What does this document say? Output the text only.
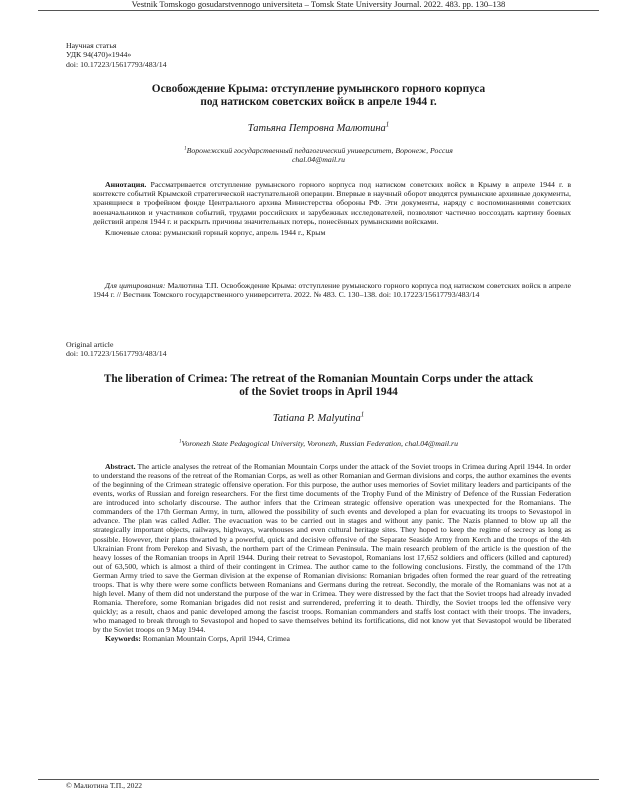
Vestnik Tomskogo gosudarstvennogo universiteta – Tomsk State University Journal. 2022. 483. pp. 130–138
Научная статья
УДК 94(470)«1944»
doi: 10.17223/15617793/483/14
Освобождение Крыма: отступление румынского горного корпуса
под натиском советских войск в апреле 1944 г.
Татьяна Петровна Малютина$^1$
$^1$Воронежский государственный педагогический университет, Воронеж, Россия
chal.04@mail.ru
Аннотация. Рассматривается отступление румынского горного корпуса под натиском советских войск в Крыму в апреле 1944 г. в контексте событий Крымской стратегической наступательной операции. Впервые в научный оборот вводятся румынские архивные документы, хранящиеся в трофейном фонде Центрального архива Министерства обороны РФ. Эти документы, наряду с воспоминаниями советских военачальников и участников событий, трудами российских и зарубежных исследователей, позволяют частично воссоздать картину боевых действий апреля 1944 г. и раскрыть причины значительных потерь, понесённых румынскими войсками.
Ключевые слова: румынский горный корпус, апрель 1944 г., Крым
Для цитирования: Малютина Т.П. Освобождение Крыма: отступление румынского горного корпуса под натиском советских войск в апреле 1944 г. // Вестник Томского государственного университета. 2022. № 483. С. 130–138. doi: 10.17223/15617793/483/14
Original article
doi: 10.17223/15617793/483/14
The liberation of Crimea: The retreat of the Romanian Mountain Corps under the attack
of the Soviet troops in April 1944
Tatiana P. Malyutina$^1$
$^1$Voronezh State Pedagogical University, Voronezh, Russian Federation, chal.04@mail.ru
Abstract. The article analyses the retreat of the Romanian Mountain Corps under the attack of the Soviet troops in Crimea during April 1944. In order to understand the reasons of the retreat of the Romanian Corps, as well as other Romanian and German divisions and corps, the author examines the events of the beginning of the Crimean strategic offensive operation. For this purpose, the author uses memories of Soviet military leaders and participants of the events, works of Russian and foreign researchers. For the first time documents of the Trophy Fund of the Ministry of Defence of the Russian Federation are introduced into scholarly discourse. The author infers that the Crimean strategic offensive operation was unexpected for the Romanians. The commanders of the 17th German Army, in turn, allowed the possibility of such events and developed a plan for evacuating its troops to Sevastopol in advance. The plan was called Adler. The evacuation was to be carried out in stages and without any panic. The Nazis planned to blow up all the strategically important objects, railways, highways, warehouses and even cultural heritage sites. They hoped to keep the regime of secrecy as long as possible. However, their plans thwarted by a powerful, quick and decisive offensive of the Separate Seaside Army from Kerch and the troops of the 4th Ukrainian Front from Perekop and Sivash, the northern part of the Crimean Peninsula. The main research problem of the article is the question of the heavy losses of the Romanian troops in April 1944. During their retreat to Sevastopol, Romanians lost 17,652 soldiers and officers (killed and captured) out of 63,500, which is almost a third of their contingent in Crimea. The author came to the following conclusions. Firstly, the command of the 17th German Army tried to save the German division at the expense of Romanian divisions: Romanian brigades often formed the rear guard of the retreating troops. That is why there were some conflicts between Romanians and Germans during the retreat. Secondly, the morale of the Romanians was not at a high level. Many of them did not understand the purpose of the war in Crimea. They were distressed by the fact that the Soviet troops had already invaded Romania. Therefore, some Romanian brigades did not resist and surrendered, preferring it to death. Thirdly, the Soviet troops led the offensive very quickly; as a result, chaos and panic developed among the fascist troops. Romanian commanders and staffs lost contact with their troops. The invaders, who managed to break through to Sevastopol and hoped to save themselves behind its fortifications, did not know yet that Sevastopol would be liberated by the Soviet troops on 9 May 1944.
Keywords: Romanian Mountain Corps, April 1944, Crimea
© Малютина Т.П., 2022
